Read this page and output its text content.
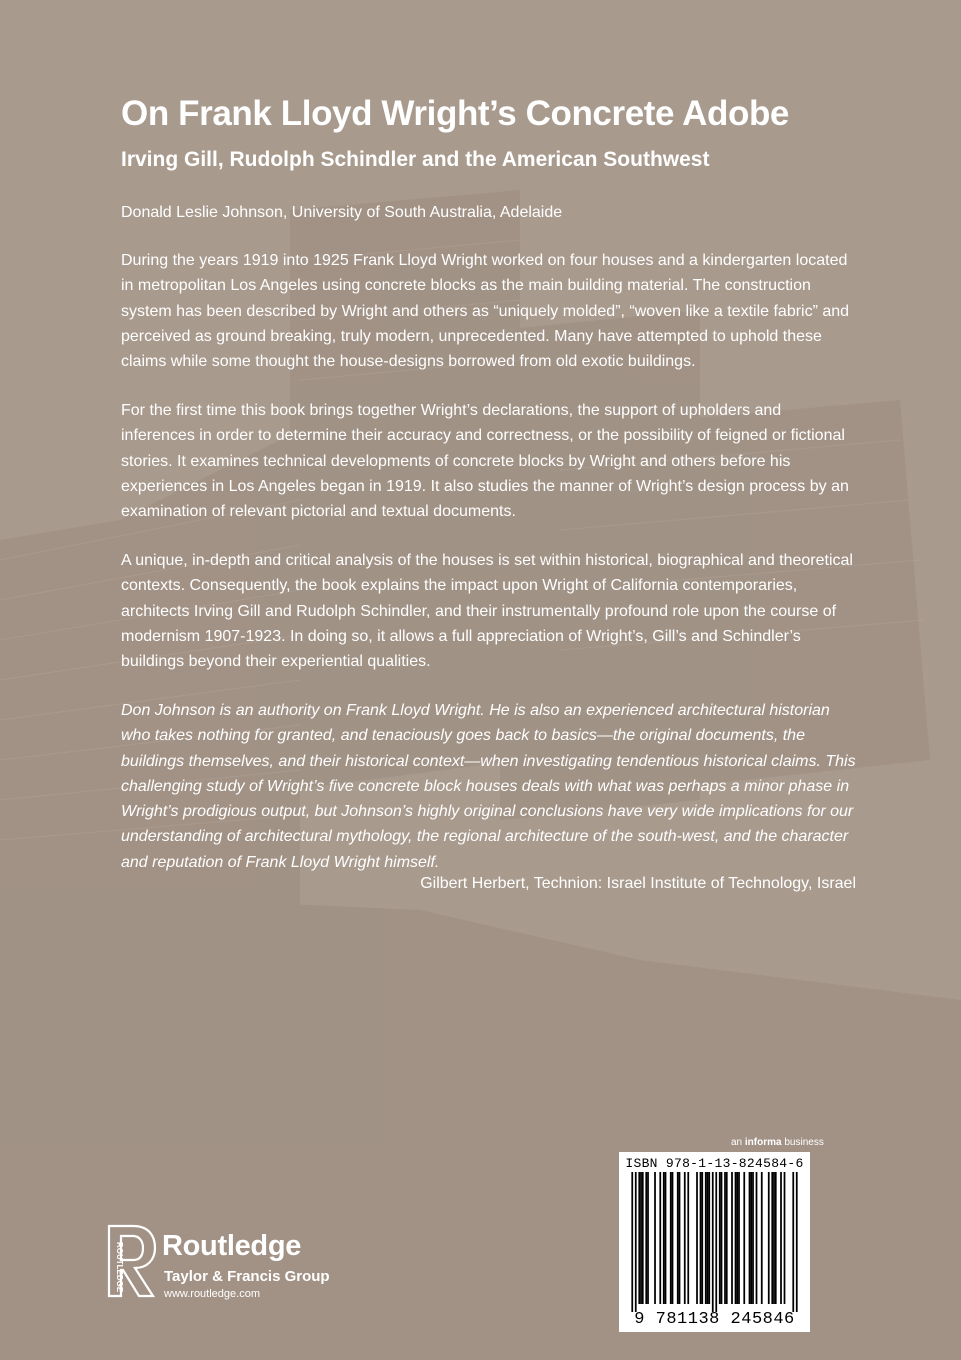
On Frank Lloyd Wright’s Concrete Adobe
Irving Gill, Rudolph Schindler and the American Southwest
Donald Leslie Johnson, University of South Australia, Adelaide
During the years 1919 into 1925 Frank Lloyd Wright worked on four houses and a kindergarten located in metropolitan Los Angeles using concrete blocks as the main building material. The construction system has been described by Wright and others as “uniquely molded”, “woven like a textile fabric” and perceived as ground breaking, truly modern, unprecedented. Many have attempted to uphold these claims while some thought the house-designs borrowed from old exotic buildings.
For the first time this book brings together Wright’s declarations, the support of upholders and inferences in order to determine their accuracy and correctness, or the possibility of feigned or fictional stories. It examines technical developments of concrete blocks by Wright and others before his experiences in Los Angeles began in 1919. It also studies the manner of Wright’s design process by an examination of relevant pictorial and textual documents.
A unique, in-depth and critical analysis of the houses is set within historical, biographical and theoretical contexts. Consequently, the book explains the impact upon Wright of California contemporaries, architects Irving Gill and Rudolph Schindler, and their instrumentally profound role upon the course of modernism 1907-1923. In doing so, it allows a full appreciation of Wright’s, Gill’s and Schindler’s buildings beyond their experiential qualities.
Don Johnson is an authority on Frank Lloyd Wright. He is also an experienced architectural historian who takes nothing for granted, and tenaciously goes back to basics—the original documents, the buildings themselves, and their historical context—when investigating tendentious historical claims. This challenging study of Wright’s five concrete block houses deals with what was perhaps a minor phase in Wright’s prodigious output, but Johnson’s highly original conclusions have very wide implications for our understanding of architectural mythology, the regional architecture of the south-west, and the character and reputation of Frank Lloyd Wright himself.
Gilbert Herbert, Technion: Israel Institute of Technology, Israel
an informa business
ISBN 978-1-13-824584-6
9 781138 245846
ROUTLEDGE Routledge
Taylor & Francis Group
www.routledge.com
